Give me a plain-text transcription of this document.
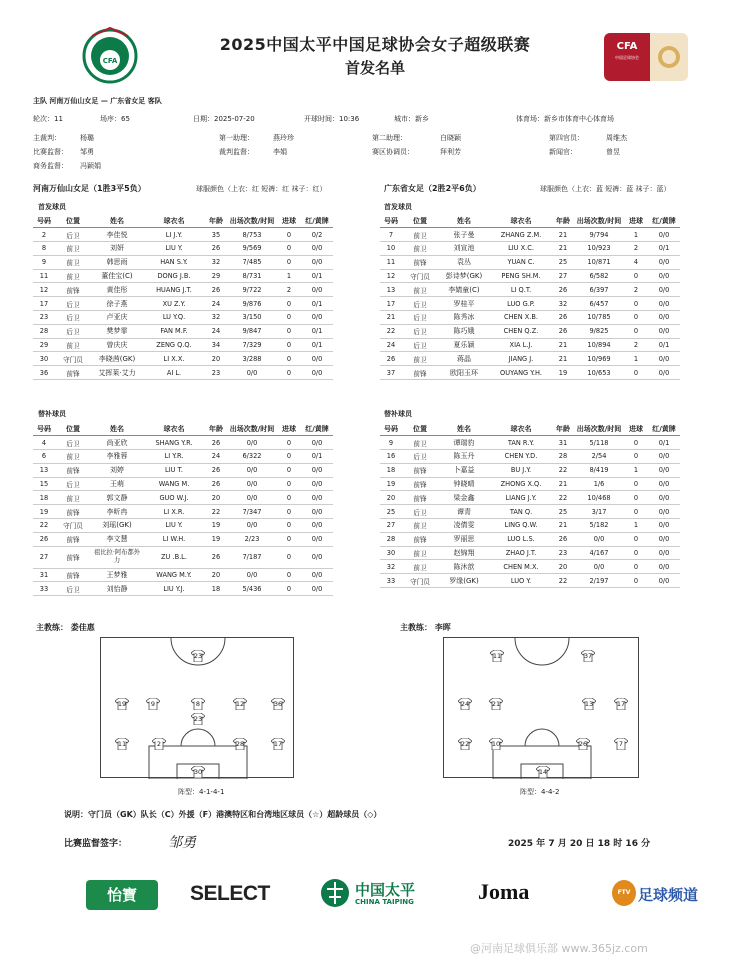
CFA
2025中国太平中国足球协会女子超级联赛
首发名单
CFA
中国足球协会
主队 河南万仙山女足 — 广东省女足 客队
轮次：11	场序：65	日期：2025-07-20	开球时间：10:36	城市：新乡	体育场：新乡市体育中心体育场
主裁判：	杨璐	第一助理：	燕玲珍	第二助理：	白晓颖	第四官员：	周维杰
比赛监督： 邹勇	裁判监督：	李娟	赛区协调员：	拜利芳	新闻官：	曾昱
商务监督： 冯颖娟
河南万仙山女足（1胜3平5负）	球服颜色（上衣：红 短裤：红 袜子：红）	广东省女足（2胜2平6负）	球服颜色（上衣：蓝 短裤：蓝 袜子：蓝）
首发球员	首发球员
替补球员	替补球员
号码	位置	姓名	球衣名	年龄	出场次数/时间	进球	红/黄牌
2	后卫	李佳悦	LI J.Y.	35	8/753	0	0/2
8	前卫	刘妍	LIU Y.	26	9/569	0	0/0
9	前卫	韩思雨	HAN S.Y.	32	7/485	0	0/0
11	前卫	董佳宝(C)	DONG J.B.	29	8/731	1	0/1
12	前锋	黄佳彤	HUANG J.T.	26	9/722	2	0/0
17	后卫	徐子燕	XU Z.Y.	24	9/876	0	0/1
23	后卫	卢亚庆	LU Y.Q.	32	3/150	0	0/0
28	后卫	樊梦霏	FAN M.F.	24	9/847	0	0/1
29	前卫	曾庆庆	ZENG Q.Q.	34	7/329	0	0/1
30	守门员	李晓茜(GK)	LI X.X.	20	3/288	0	0/0
36	前锋	艾挥莱·艾力	AI L.	23	0/0	0	0/0
号码	位置	姓名	球衣名	年龄	出场次数/时间	进球	红/黄牌
7	前卫	张子曼	ZHANG Z.M.	21	9/794	1	0/0
10	前卫	刘宣池	LIU X.C.	21	10/923	2	0/1
11	前锋	袁丛	YUAN C.	25	10/871	4	0/0
12	守门员	彭诗梦(GK)	PENG SH.M.	27	6/582	0	0/0
13	前卫	李婧童(C)	LI Q.T.	26	6/397	2	0/0
17	后卫	罗桂平	LUO G.P.	32	6/457	0	0/0
21	后卫	陈秀冰	CHEN X.B.	26	10/785	0	0/0
22	后卫	陈巧娥	CHEN Q.Z.	26	9/825	0	0/0
24	后卫	夏乐颖	XIA L.J.	21	10/894	2	0/1
26	前卫	蒋晶	JIANG J.	21	10/969	1	0/0
37	前锋	欧阳玉环	OUYANG Y.H.	19	10/653	0	0/0
号码	位置	姓名	球衣名	年龄	出场次数/时间	进球	红/黄牌
4	后卫	尚亚欣	SHANG Y.R.	26	0/0	0	0/0
6	前卫	李雅蓉	LI Y.R.	24	6/322	0	0/1
13	前锋	刘婷	LIU T.	26	0/0	0	0/0
15	后卫	王萌	WANG M.	26	0/0	0	0/0
18	前卫	郭文静	GUO W.J.	20	0/0	0	0/0
19	前锋	李昕冉	LI X.R.	22	7/347	0	0/0
22	守门员	刘瑶(GK)	LIU Y.	19	0/0	0	0/0
26	前锋	李文慧	LI W.H.	19	2/23	0	0/0
27	前锋	祖比拉·阿布都外力	ZU .B.L.	26	7/187	0	0/0
31	前锋	王梦雅	WANG M.Y.	20	0/0	0	0/0
33	后卫	刘怡静	LIU Y.J.	18	5/436	0	0/0
号码	位置	姓名	球衣名	年龄	出场次数/时间	进球	红/黄牌
9	前卫	谭瑞豹	TAN R.Y.	31	5/118	0	0/1
16	后卫	陈玉丹	CHEN Y.D.	28	2/54	0	0/0
18	前锋	卜嘉益	BU J.Y.	22	8/419	1	0/0
19	前锋	钟晓晴	ZHONG X.Q.	21	1/6	0	0/0
20	前锋	梁金鑫	LIANG J.Y.	22	10/468	0	0/0
25	后卫	谭青	TAN Q.	25	3/17	0	0/0
27	前卫	凌倩雯	LING Q.W.	21	5/182	1	0/0
28	前锋	罗丽思	LUO L.S.	26	0/0	0	0/0
30	前卫	赵锦翔	ZHAO J.T.	23	4/167	0	0/0
32	前卫	陈沐歆	CHEN M.X.	20	0/0	0	0/0
33	守门员	罗缘(GK)	LUO Y.	22	2/197	0	0/0
主教练： 娄佳惠	主教练： 李晖
23
19	9	8	12	36
23
11	2	28	17
30
阵型：4-1-4-1
11	37
24	21	13	17
22	10	26	7
14
阵型：4-4-2
说明：守门员（GK）队长（C）外援（F）港澳特区和台湾地区球员（☆）超龄球员（◇）
比赛监督签字：	邹勇	2025 年 7 月 20 日 18 时 16 分
怡寶	SELECT	中国太平
CHINA TAIPING	Joma	FTV 足球频道
@河南足球俱乐部 www.365jz.com
